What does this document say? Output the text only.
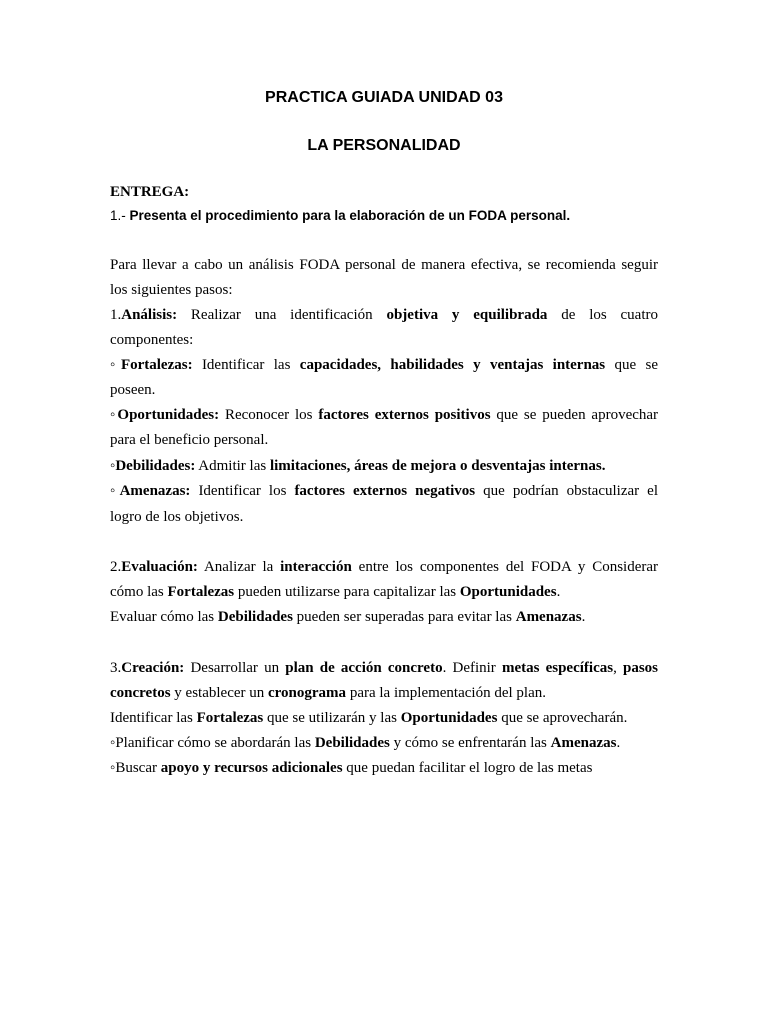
PRACTICA GUIADA UNIDAD 03
LA PERSONALIDAD
ENTREGA:
1.- Presenta el procedimiento para la elaboración de un FODA personal.
Para llevar a cabo un análisis FODA personal de manera efectiva, se recomienda seguir
los siguientes pasos:
1.Análisis: Realizar una identificación objetiva y equilibrada de los cuatro
componentes:
◦Fortalezas: Identificar las capacidades, habilidades y ventajas internas que se
poseen.
◦Oportunidades: Reconocer los factores externos positivos que se pueden aprovechar
para el beneficio personal.
◦Debilidades: Admitir las limitaciones, áreas de mejora o desventajas internas.
◦Amenazas: Identificar los factores externos negativos que podrían obstaculizar el
logro de los objetivos.
2.Evaluación: Analizar la interacción entre los componentes del FODA y Considerar
cómo las Fortalezas pueden utilizarse para capitalizar las Oportunidades.
Evaluar cómo las Debilidades pueden ser superadas para evitar las Amenazas.
3.Creación: Desarrollar un plan de acción concreto. Definir metas específicas, pasos
concretos y establecer un cronograma para la implementación del plan.
Identificar las Fortalezas que se utilizarán y las Oportunidades que se aprovecharán.
◦Planificar cómo se abordarán las Debilidades y cómo se enfrentarán las Amenazas.
◦Buscar apoyo y recursos adicionales que puedan facilitar el logro de las metas
